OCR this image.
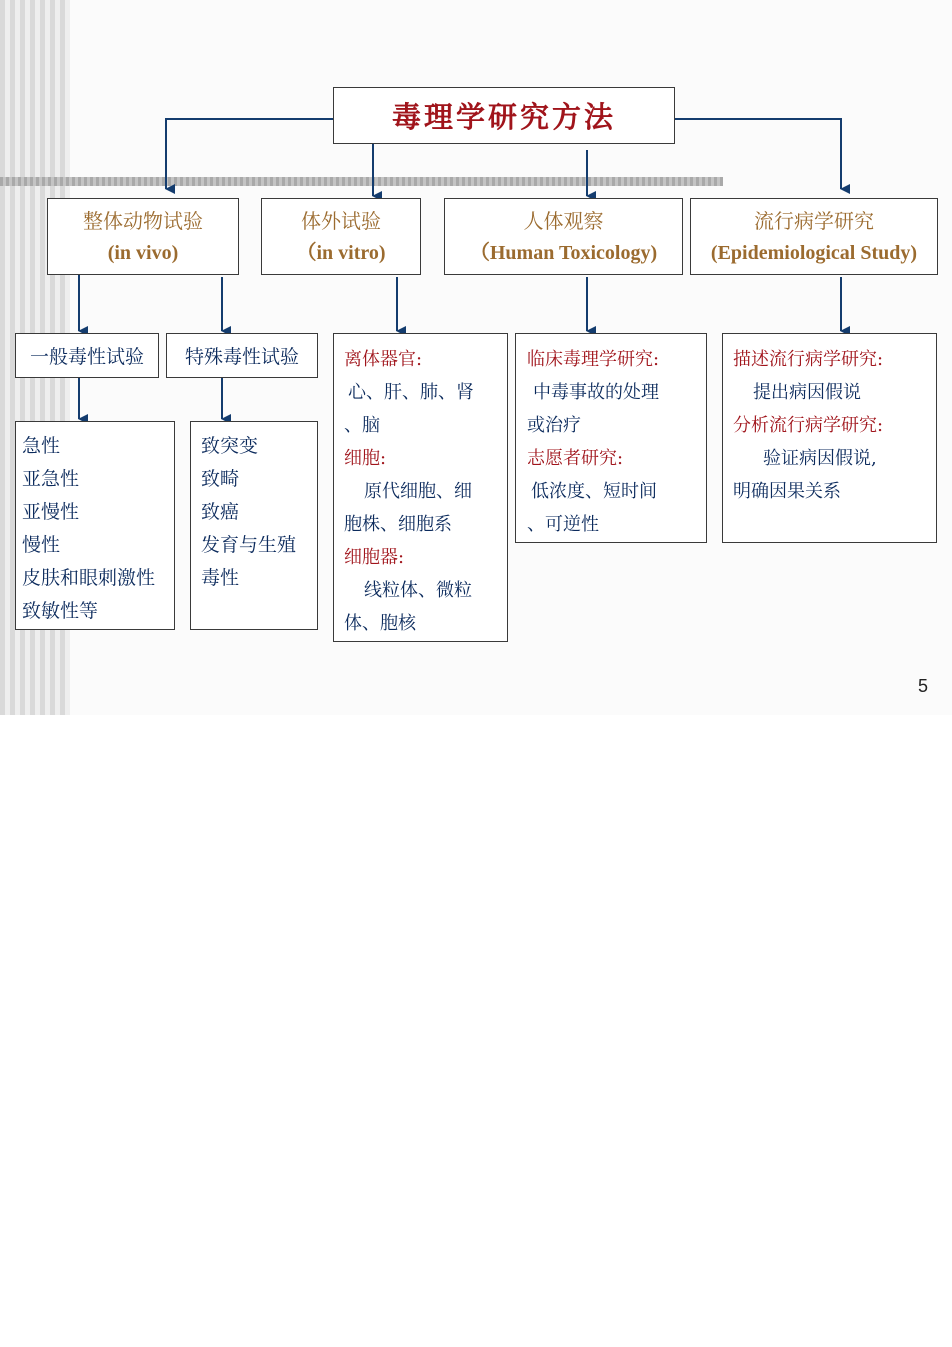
毒理学研究方法
整体动物试验
(in vivo)
体外试验
（in vitro)
人体观察
（Human Toxicology)
流行病学研究
(Epidemiological Study)
一般毒性试验 特殊毒性试验
急性
亚急性
亚慢性
慢性
皮肤和眼刺激性
致敏性等
致突变
致畸
致癌
发育与生殖
毒性
离体器官:
心、肝、肺、肾
、脑
细胞:
原代细胞、细
胞株、细胞系
细胞器:
线粒体、微粒
体、胞核
临床毒理学研究:
中毒事故的处理
或治疗
志愿者研究:
低浓度、短时间
、可逆性
描述流行病学研究:
提出病因假说
分析流行病学研究:
验证病因假说,
明确因果关系
5
